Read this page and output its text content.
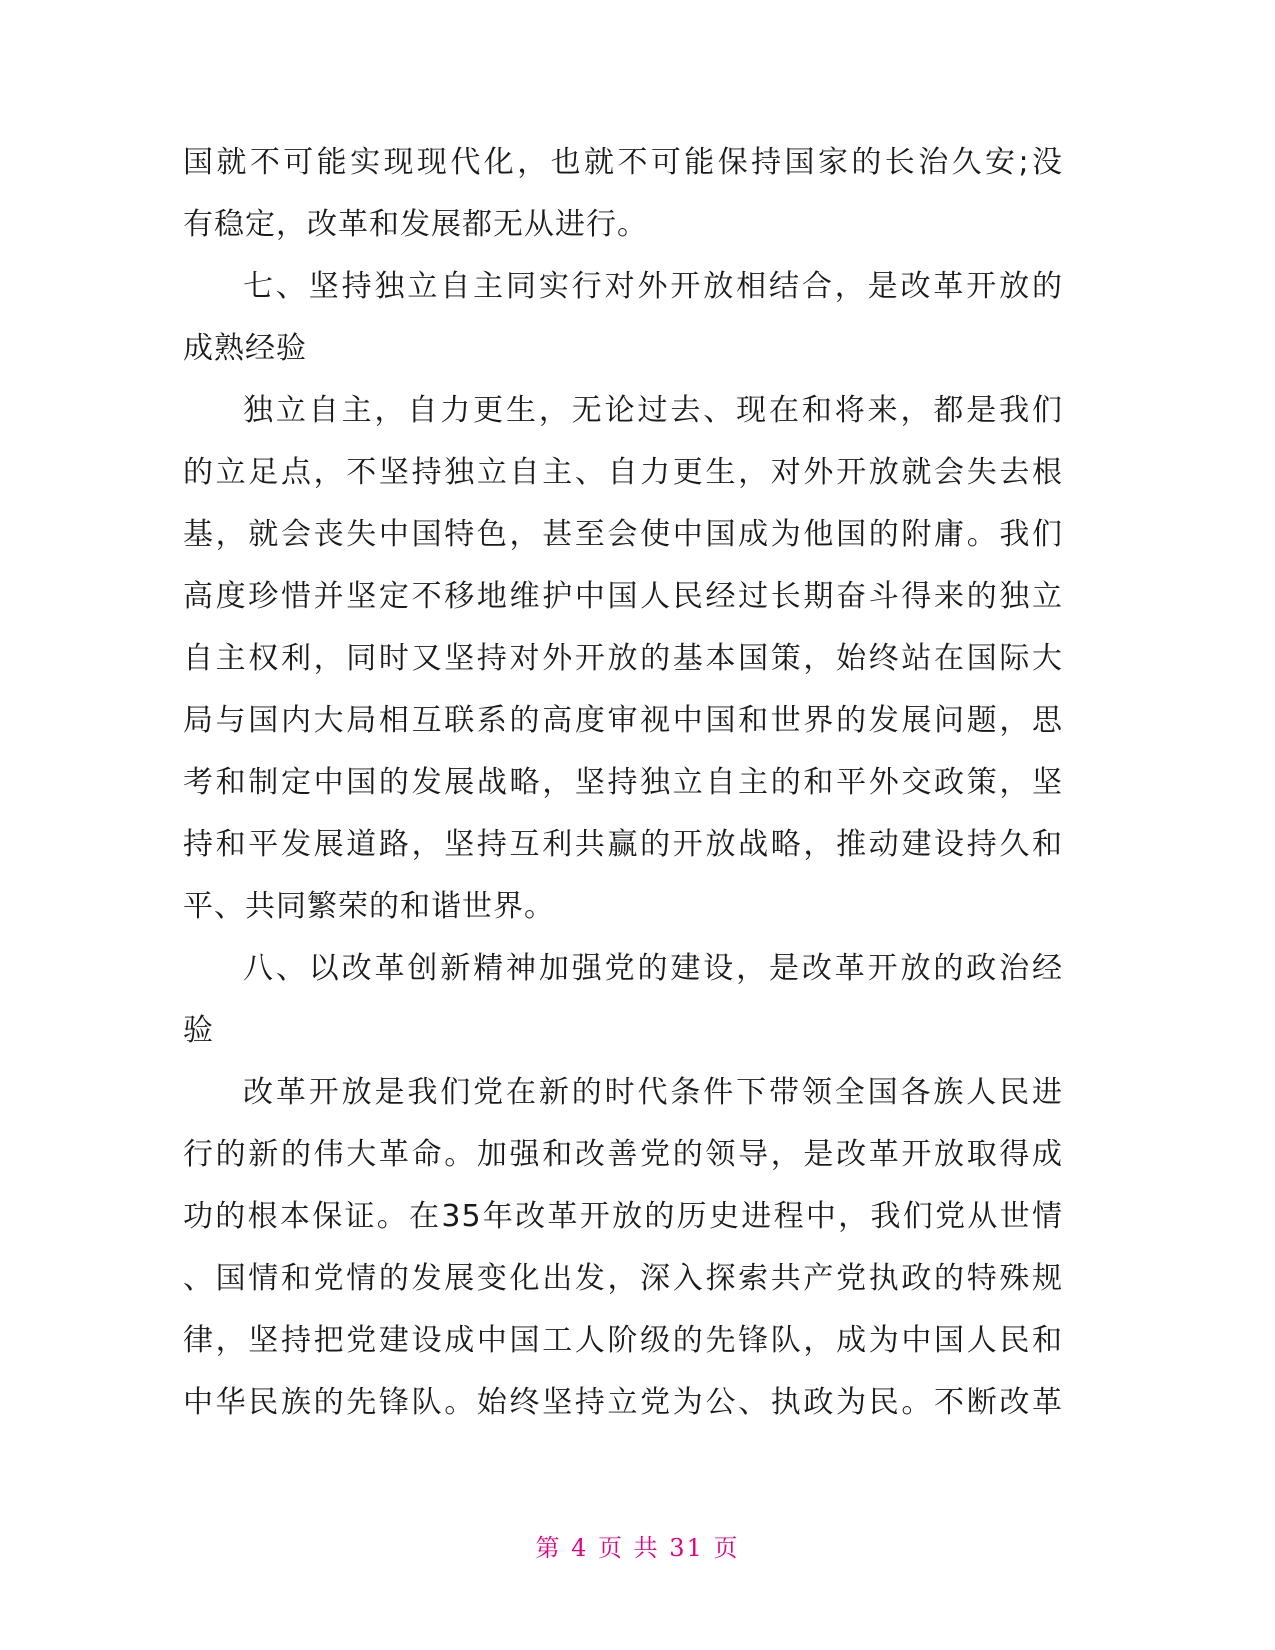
国就不可能实现现代化，也就不可能保持国家的长治久安;没
有稳定，改革和发展都无从进行。
七、坚持独立自主同实行对外开放相结合，是改革开放的
成熟经验
独立自主，自力更生，无论过去、现在和将来，都是我们
的立足点，不坚持独立自主、自力更生，对外开放就会失去根
基，就会丧失中国特色，甚至会使中国成为他国的附庸。我们
高度珍惜并坚定不移地维护中国人民经过长期奋斗得来的独立
自主权利，同时又坚持对外开放的基本国策，始终站在国际大
局与国内大局相互联系的高度审视中国和世界的发展问题，思
考和制定中国的发展战略，坚持独立自主的和平外交政策，坚
持和平发展道路，坚持互利共赢的开放战略，推动建设持久和
平、共同繁荣的和谐世界。
八、以改革创新精神加强党的建设，是改革开放的政治经
验
改革开放是我们党在新的时代条件下带领全国各族人民进
行的新的伟大革命。加强和改善党的领导，是改革开放取得成
功的根本保证。在35年改革开放的历史进程中，我们党从世情
、国情和党情的发展变化出发，深入探索共产党执政的特殊规
律，坚持把党建设成中国工人阶级的先锋队，成为中国人民和
中华民族的先锋队。始终坚持立党为公、执政为民。不断改革
第 4 页 共 31 页
